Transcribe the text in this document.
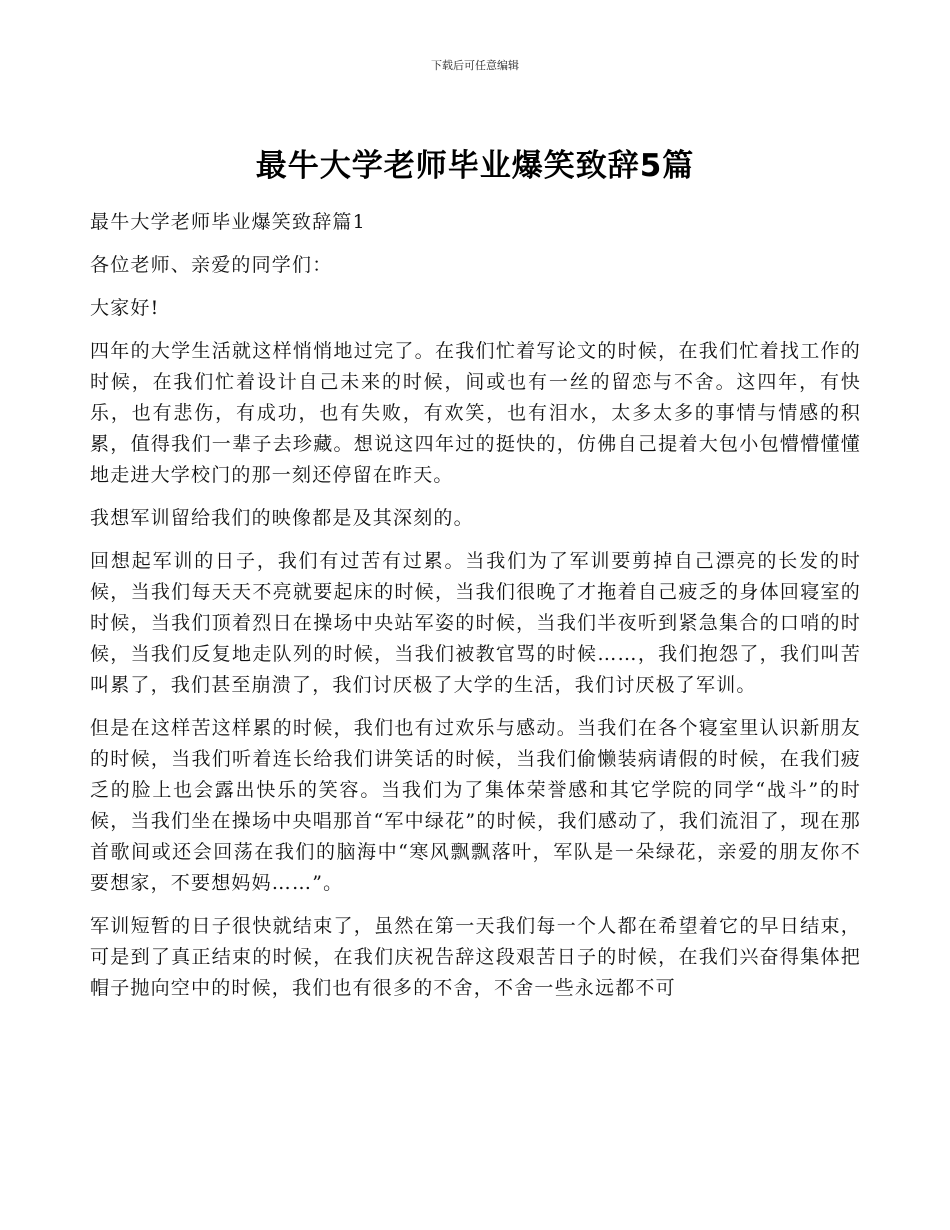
下载后可任意编辑
最牛大学老师毕业爆笑致辞5篇

最牛大学老师毕业爆笑致辞篇1

各位老师、亲爱的同学们：

大家好!

四年的大学生活就这样悄悄地过完了。在我们忙着写论文的时候，在我们忙着找工作的时候，在我们忙着设计自己未来的时候，间或也有一丝的留恋与不舍。这四年，有快乐，也有悲伤，有成功，也有失败，有欢笑，也有泪水，太多太多的事情与情感的积累，值得我们一辈子去珍藏。想说这四年过的挺快的，仿佛自己提着大包小包懵懵懂懂地走进大学校门的那一刻还停留在昨天。

我想军训留给我们的映像都是及其深刻的。

回想起军训的日子，我们有过苦有过累。当我们为了军训要剪掉自己漂亮的长发的时候，当我们每天天不亮就要起床的时候，当我们很晚了才拖着自己疲乏的身体回寝室的时候，当我们顶着烈日在操场中央站军姿的时候，当我们半夜听到紧急集合的口哨的时候，当我们反复地走队列的时候，当我们被教官骂的时候……，我们抱怨了，我们叫苦叫累了，我们甚至崩溃了，我们讨厌极了大学的生活，我们讨厌极了军训。

但是在这样苦这样累的时候，我们也有过欢乐与感动。当我们在各个寝室里认识新朋友的时候，当我们听着连长给我们讲笑话的时候，当我们偷懒装病请假的时候，在我们疲乏的脸上也会露出快乐的笑容。当我们为了集体荣誉感和其它学院的同学“战斗”的时候，当我们坐在操场中央唱那首“军中绿花”的时候，我们感动了，我们流泪了，现在那首歌间或还会回荡在我们的脑海中“寒风飘飘落叶，军队是一朵绿花，亲爱的朋友你不要想家，不要想妈妈……”。

军训短暂的日子很快就结束了，虽然在第一天我们每一个人都在希望着它的早日结束，可是到了真正结束的时候，在我们庆祝告辞这段艰苦日子的时候，在我们兴奋得集体把帽子抛向空中的时候，我们也有很多的不舍，不舍一些永远都不可
